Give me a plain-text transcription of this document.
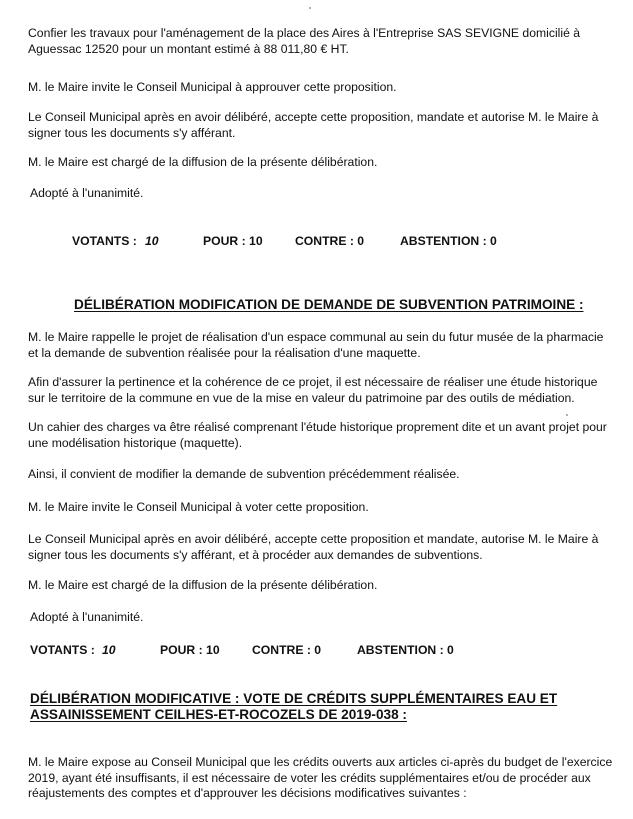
Confier les travaux pour l'aménagement de la place des Aires à l'Entreprise SAS SEVIGNE domicilié à Aguessac 12520 pour un montant estimé à 88 011,80 € HT.

M. le Maire invite le Conseil Municipal à approuver cette proposition.

Le Conseil Municipal après en avoir délibéré, accepte cette proposition, mandate et autorise M. le Maire à signer tous les documents s'y afférant.

M. le Maire est chargé de la diffusion de la présente délibération.

Adopté à l'unanimité.

VOTANTS : 10	POUR : 10	CONTRE : 0	ABSTENTION : 0
DÉLIBÉRATION MODIFICATION DE DEMANDE DE SUBVENTION PATRIMOINE :

M. le Maire rappelle le projet de réalisation d'un espace communal au sein du futur musée de la pharmacie et la demande de subvention réalisée pour la réalisation d'une maquette.

Afin d'assurer la pertinence et la cohérence de ce projet, il est nécessaire de réaliser une étude historique sur le territoire de la commune en vue de la mise en valeur du patrimoine par des outils de médiation.

Un cahier des charges va être réalisé comprenant l'étude historique proprement dite et un avant projet pour une modélisation historique (maquette).

Ainsi, il convient de modifier la demande de subvention précédemment réalisée.

M. le Maire invite le Conseil Municipal à voter cette proposition.

Le Conseil Municipal après en avoir délibéré, accepte cette proposition et mandate, autorise M. le Maire à signer tous les documents s'y afférant, et à procéder aux demandes de subventions.

M. le Maire est chargé de la diffusion de la présente délibération.

Adopté à l'unanimité.

VOTANTS : 10	POUR : 10	CONTRE : 0	ABSTENTION : 0
DÉLIBÉRATION MODIFICATIVE : VOTE DE CRÉDITS SUPPLÉMENTAIRES EAU ET
ASSAINISSEMENT CEILHES-ET-ROCOZELS DE 2019-038 :

M. le Maire expose au Conseil Municipal que les crédits ouverts aux articles ci-après du budget de l'exercice 2019, ayant été insuffisants, il est nécessaire de voter les crédits supplémentaires et/ou de procéder aux réajustements des comptes et d'approuver les décisions modificatives suivantes :
